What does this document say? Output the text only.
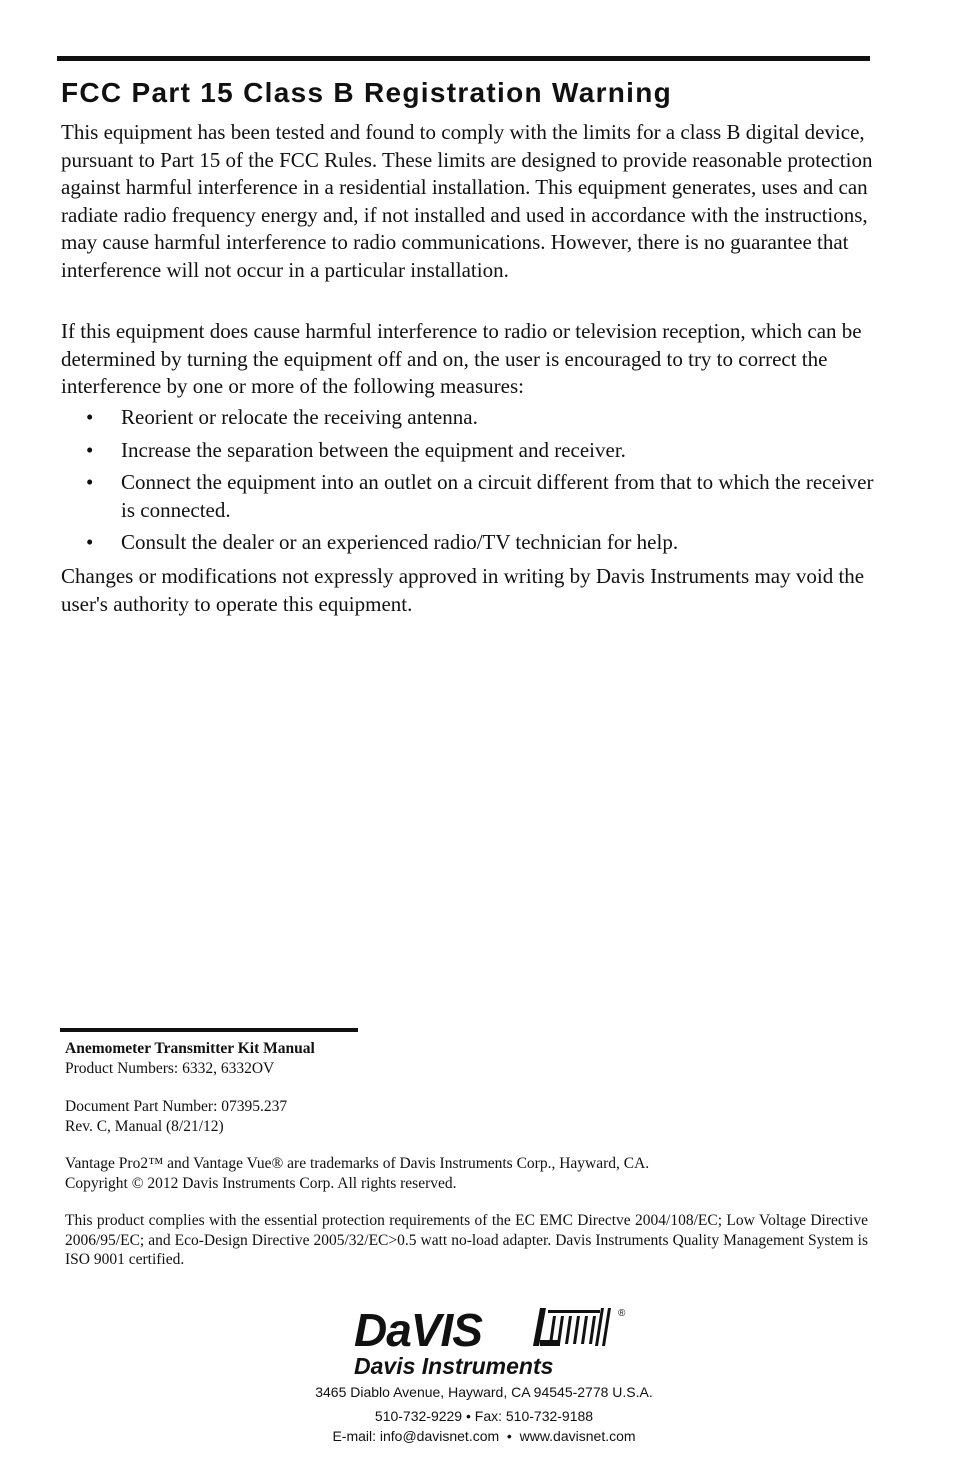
FCC Part 15 Class B Registration Warning

This equipment has been tested and found to comply with the limits for a class B digital device, pursuant to Part 15 of the FCC Rules. These limits are designed to provide reasonable protection against harmful interference in a residential installation. This equipment generates, uses and can radiate radio frequency energy and, if not installed and used in accordance with the instructions, may cause harmful interference to radio communications. However, there is no guarantee that interference will not occur in a particular installation.

If this equipment does cause harmful interference to radio or television reception, which can be determined by turning the equipment off and on, the user is encouraged to try to correct the interference by one or more of the following measures:

• Reorient or relocate the receiving antenna.
• Increase the separation between the equipment and receiver.
• Connect the equipment into an outlet on a circuit different from that to which the receiver is connected.
• Consult the dealer or an experienced radio/TV technician for help.

Changes or modifications not expressly approved in writing by Davis Instruments may void the user's authority to operate this equipment.

Anemometer Transmitter Kit Manual
Product Numbers: 6332, 6332OV

Document Part Number: 07395.237
Rev. C, Manual (8/21/12)

Vantage Pro2™ and Vantage Vue® are trademarks of Davis Instruments Corp., Hayward, CA.
Copyright © 2012 Davis Instruments Corp. All rights reserved.

This product complies with the essential protection requirements of the EC EMC Directve 2004/108/EC; Low Voltage Directive 2006/95/EC; and Eco-Design Directive 2005/32/EC>0.5 watt no-load adapter. Davis Instruments Quality Management System is ISO 9001 certified.

DaVIS	®
Davis Instruments

3465 Diablo Avenue, Hayward, CA 94545-2778 U.S.A.

510-732-9229 • Fax: 510-732-9188

E-mail: info@davisnet.com  •  www.davisnet.com
